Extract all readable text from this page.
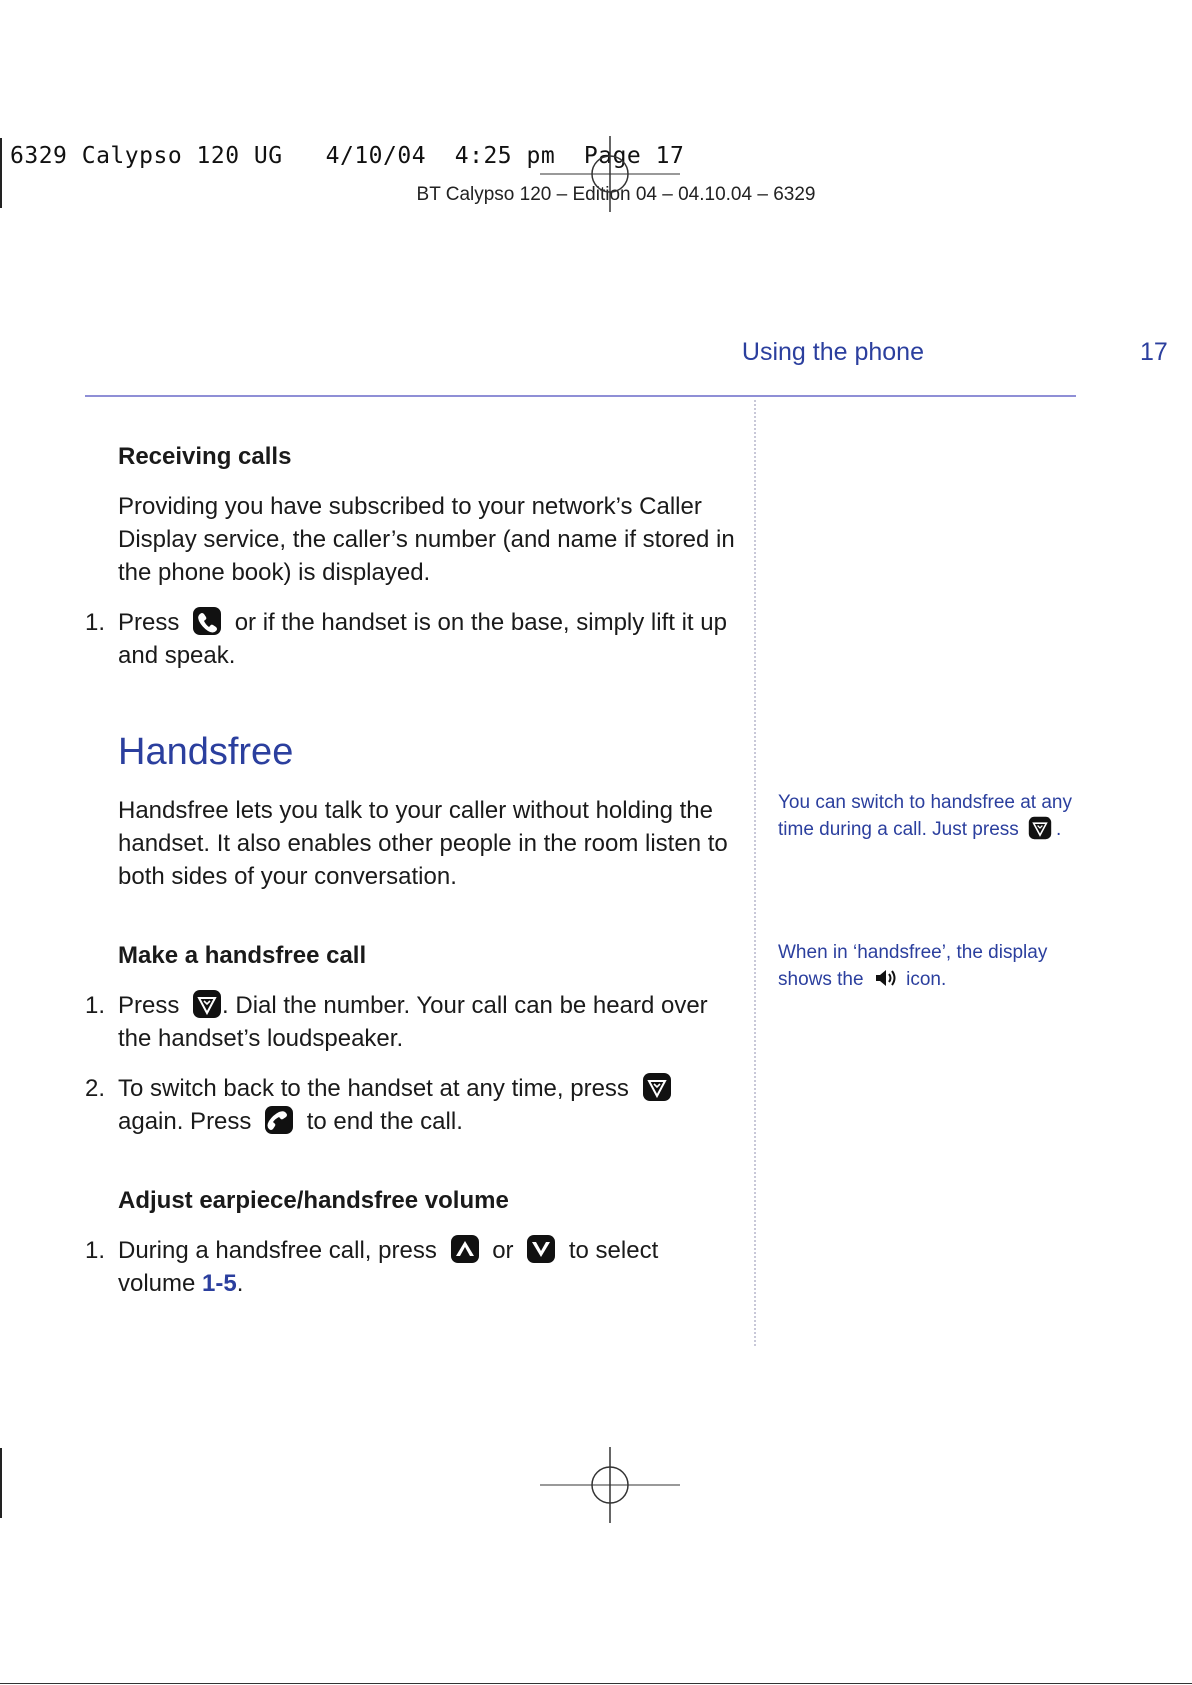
6329 Calypso 120 UG   4/10/04  4:25 pm  Page 17
BT Calypso 120 – Edition 04 – 04.10.04 – 6329
Using the phone	17
Receiving calls
Providing you have subscribed to your network’s Caller Display service, the caller’s number (and name if stored in the phone book) is displayed.
1. Press or if the handset is on the base, simply lift it up and speak.
Handsfree
Handsfree lets you talk to your caller without holding the handset. It also enables other people in the room listen to both sides of your conversation.
Make a handsfree call
1. Press . Dial the number. Your call can be heard over the handset’s loudspeaker.
2. To switch back to the handset at any time, press
again. Press to end the call.
Adjust earpiece/handsfree volume
1. During a handsfree call, press or to select volume 1-5.
You can switch to handsfree at any time during a call. Just press .
When in ‘handsfree’, the display shows the icon.
